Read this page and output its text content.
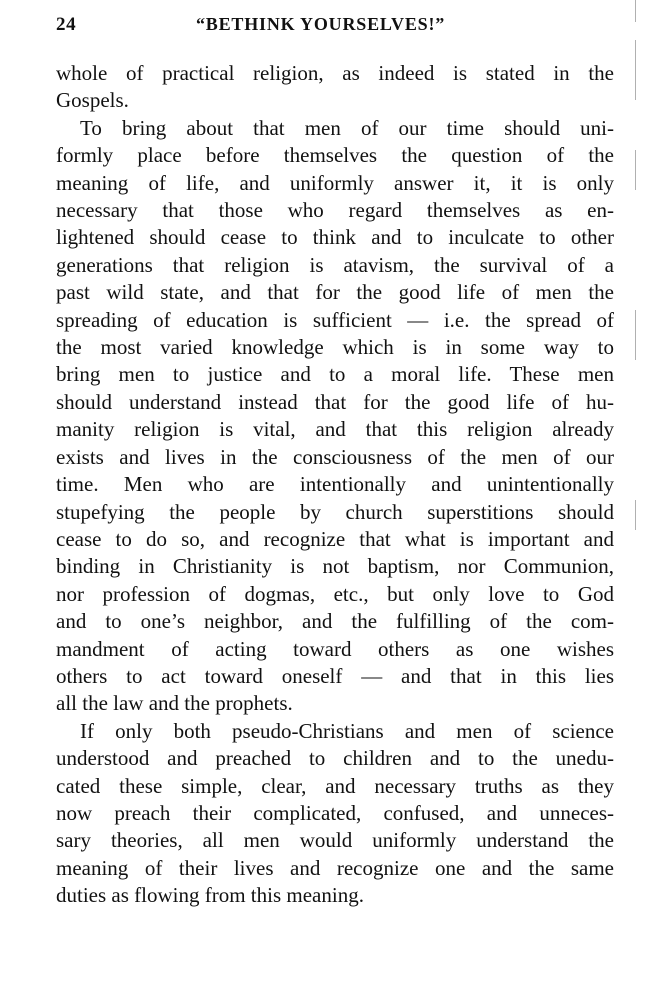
24	“BETHINK YOURSELVES!”
whole of practical religion, as indeed is stated in the
Gospels.
To bring about that men of our time should uni-
formly place before themselves the question of the
meaning of life, and uniformly answer it, it is only
necessary that those who regard themselves as en-
lightened should cease to think and to inculcate to other
generations that religion is atavism, the survival of a
past wild state, and that for the good life of men the
spreading of education is sufficient — i.e. the spread of
the most varied knowledge which is in some way to
bring men to justice and to a moral life. These men
should understand instead that for the good life of hu-
manity religion is vital, and that this religion already
exists and lives in the consciousness of the men of our
time. Men who are intentionally and unintentionally
stupefying the people by church superstitions should
cease to do so, and recognize that what is important and
binding in Christianity is not baptism, nor Communion,
nor profession of dogmas, etc., but only love to God
and to one’s neighbor, and the fulfilling of the com-
mandment of acting toward others as one wishes
others to act toward oneself — and that in this lies
all the law and the prophets.
If only both pseudo-Christians and men of science
understood and preached to children and to the unedu-
cated these simple, clear, and necessary truths as they
now preach their complicated, confused, and unneces-
sary theories, all men would uniformly understand the
meaning of their lives and recognize one and the same
duties as flowing from this meaning.
